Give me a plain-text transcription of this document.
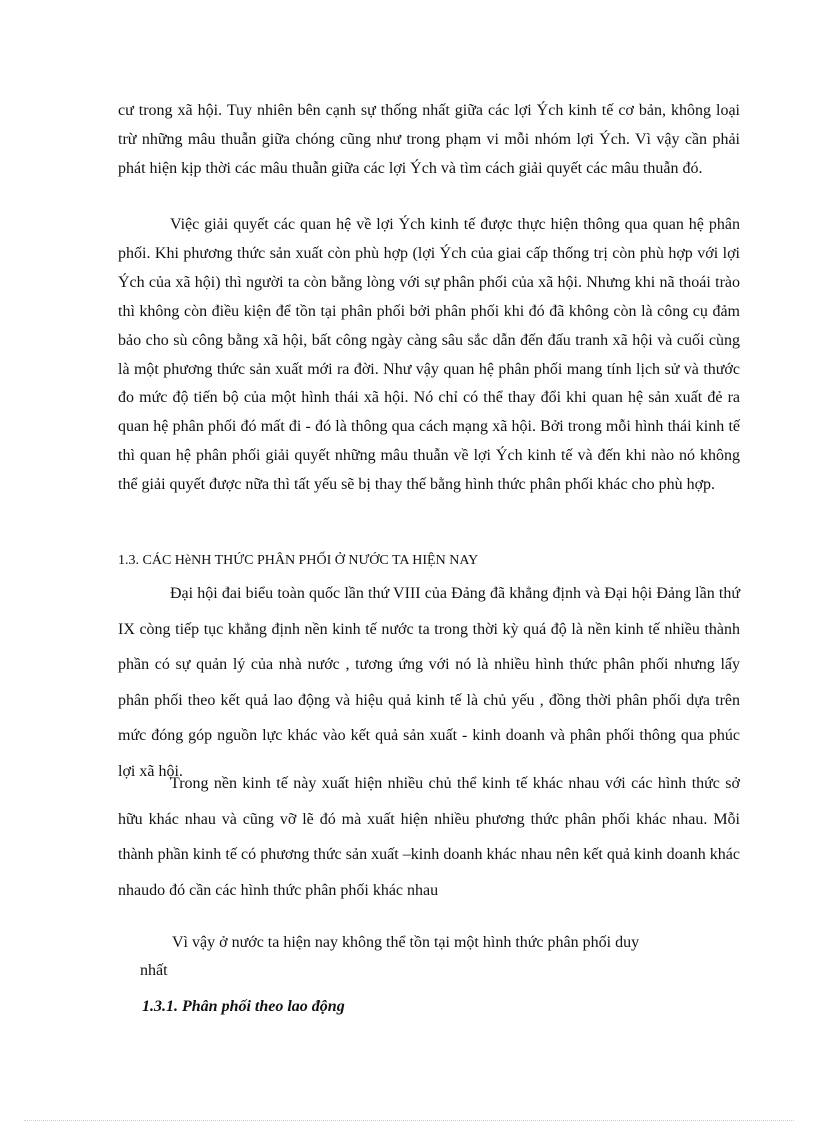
cư trong xã hội. Tuy nhiên bên cạnh sự thống nhất giữa các lợi Ých kinh tế cơ bản, không loại trừ những mâu thuẫn giữa chóng cũng như trong phạm vi mỗi nhóm lợi Ých. Vì vậy cần phải phát hiện kịp thời các mâu thuẫn giữa các lợi Ých và tìm cách giải quyết các mâu thuẫn đó.

Việc giải quyết các quan hệ về lợi Ých kinh tế được thực hiện thông qua quan hệ phân phối. Khi phương thức sản xuất còn phù hợp (lợi Ých của giai cấp thống trị còn phù hợp với lợi Ých của xã hội) thì người ta còn bằng lòng với sự phân phối của xã hội. Nhưng khi nã thoái trào thì không còn điều kiện để tồn tại phân phối bởi phân phối khi đó đã không còn là công cụ đảm bảo cho sù công bằng xã hội, bất công ngày càng sâu sắc dẫn đến đấu tranh xã hội và cuối cùng là một phương thức sản xuất mới ra đời. Như vậy quan hệ phân phối mang tính lịch sử và thước đo mức độ tiến bộ của một hình thái xã hội. Nó chỉ có thể thay đổi khi quan hệ sản xuất đẻ ra quan hệ phân phối đó mất đi - đó là thông qua cách mạng xã hội. Bởi trong mỗi hình thái kinh tế thì quan hệ phân phối giải quyết những mâu thuẫn về lợi Ých kinh tế và đến khi nào nó không thể giải quyết được nữa thì tất yếu sẽ bị thay thế bằng hình thức phân phối khác cho phù hợp.

1.3. CÁC HèNH THỨC PHÂN PHỐI Ở NƯỚC TA HIỆN NAY

Đại hội đai biểu toàn quốc lần thứ VIII của Đảng đã khẳng định và Đại hội Đảng lần thứ IX còng tiếp tục khẳng định nền kinh tế nước ta trong thời kỳ quá độ là nền kinh tế nhiều thành phần có sự quản lý của nhà nước , tương ứng với nó là nhiều hình thức phân phối nhưng lấy phân phối theo kết quả lao động và hiệu quả kinh tế là chủ yếu , đồng thời phân phối dựa trên mức đóng góp nguồn lực khác vào kết quả sản xuất - kinh doanh và phân phối thông qua phúc lợi xã hội.

Trong nền kinh tế này xuất hiện nhiều chủ thể kinh tế khác nhau với các hình thức sở hữu khác nhau và cũng vỡ lẽ đó mà xuất hiện nhiều phương thức phân phối khác nhau. Mỗi thành phần kinh tế có phương thức sản xuất –kinh doanh khác nhau nên kết quả kinh doanh khác nhaudo đó cần các hình thức phân phối khác nhau

Vì vậy ở nước ta hiện nay không thể tồn tại một hình thức phân phối duy
nhất
1.3.1. Phân phối theo lao động
